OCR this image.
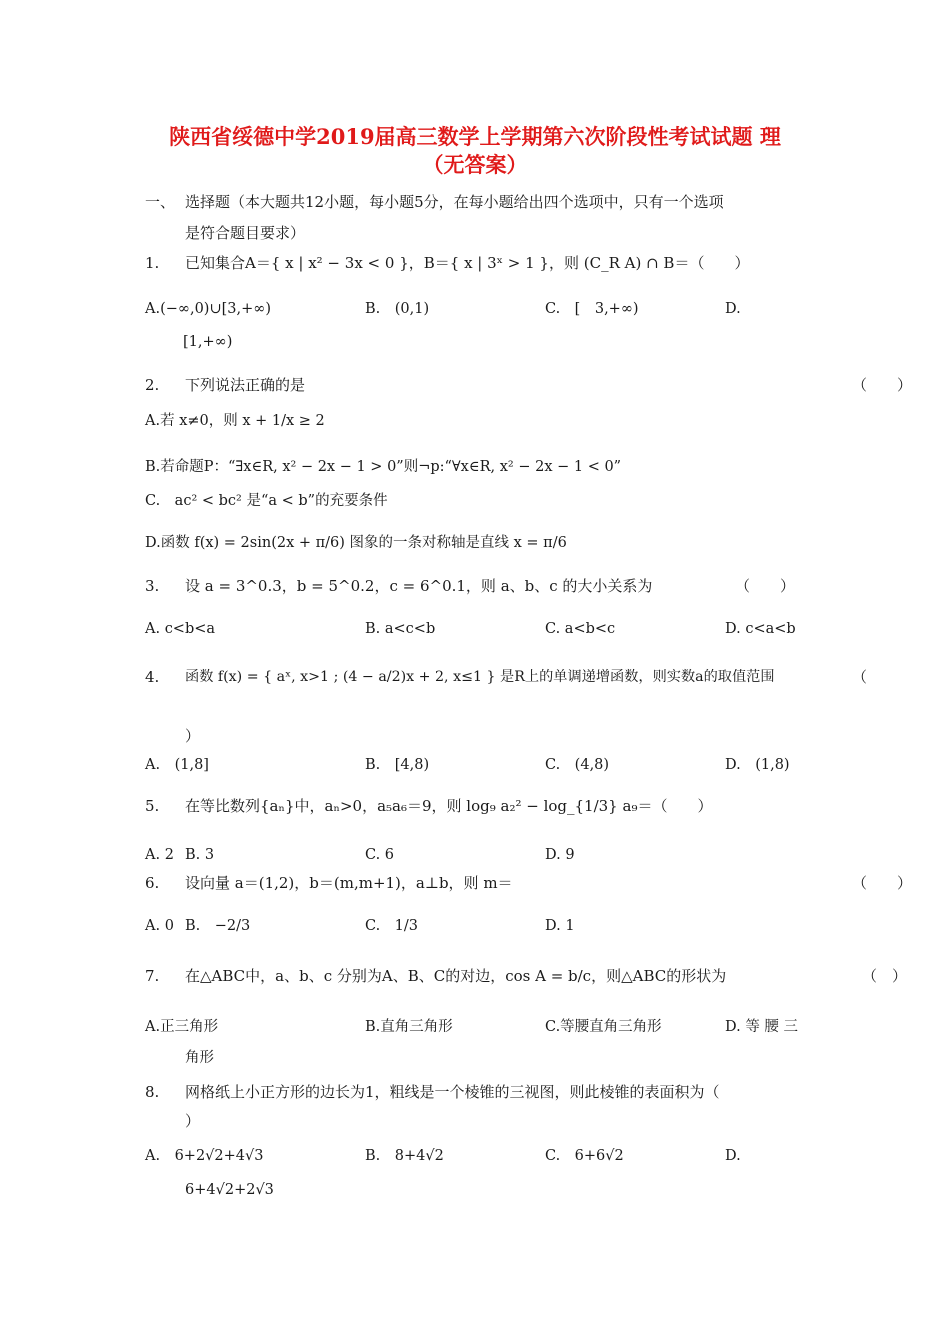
陕西省绥德中学2019届高三数学上学期第六次阶段性考试试题 理
（无答案）
一、 选择题（本大题共12小题，每小题5分，在每小题给出四个选项中，只有一个选项
是符合题目要求）
1. 已知集合A＝{ x | x² − 3x < 0 }，B＝{ x | 3ˣ > 1 }，则 (C_R A) ∩ B＝（　　）
A.(−∞,0)∪[3,+∞)	B.　(0,1)	C.　[　3,+∞)	D.
[1,+∞)
2. 下列说法正确的是	（　　）
A.若 x≠0，则 x + 1/x ≥ 2
B.若命题P：“∃x∈R, x² − 2x − 1 > 0”则¬p:“∀x∈R, x² − 2x − 1 < 0”
C.　ac² < bc² 是“a < b”的充要条件
D.函数 f(x) = 2sin(2x + π/6) 图象的一条对称轴是直线 x = π/6
3. 设 a = 3^0.3，b = 5^0.2，c = 6^0.1，则 a、b、c 的大小关系为	（　　）
A. c<b<a	B. a<c<b	C. a<b<c	D. c<a<b
4. 函数 f(x) = { aˣ, x>1 ; (4 − a/2)x + 2, x≤1 } 是R上的单调递增函数，则实数a的取值范围	（
）
A.　(1,8]	B.　[4,8)	C.　(4,8)	D.　(1,8)
5. 在等比数列{aₙ}中，aₙ>0，a₅a₆＝9，则 log₉ a₂² − log_{1/3} a₉＝（　　）
A. 2 B. 3	C. 6	D. 9
6. 设向量 a＝(1,2)，b＝(m,m+1)，a⊥b，则 m＝	（　　）
A. 0 B.　−2/3	C.　1/3	D. 1
7. 在△ABC中，a、b、c 分别为A、B、C的对边，cos A = b/c，则△ABC的形状为	（　）
A.正三角形	B.直角三角形	C.等腰直角三角形	D. 等 腰 三
角形
8. 网格纸上小正方形的边长为1，粗线是一个棱锥的三视图，则此棱锥的表面积为（
）
A.　6+2√2+4√3	B.　8+4√2	C.　6+6√2	D.
6+4√2+2√3
